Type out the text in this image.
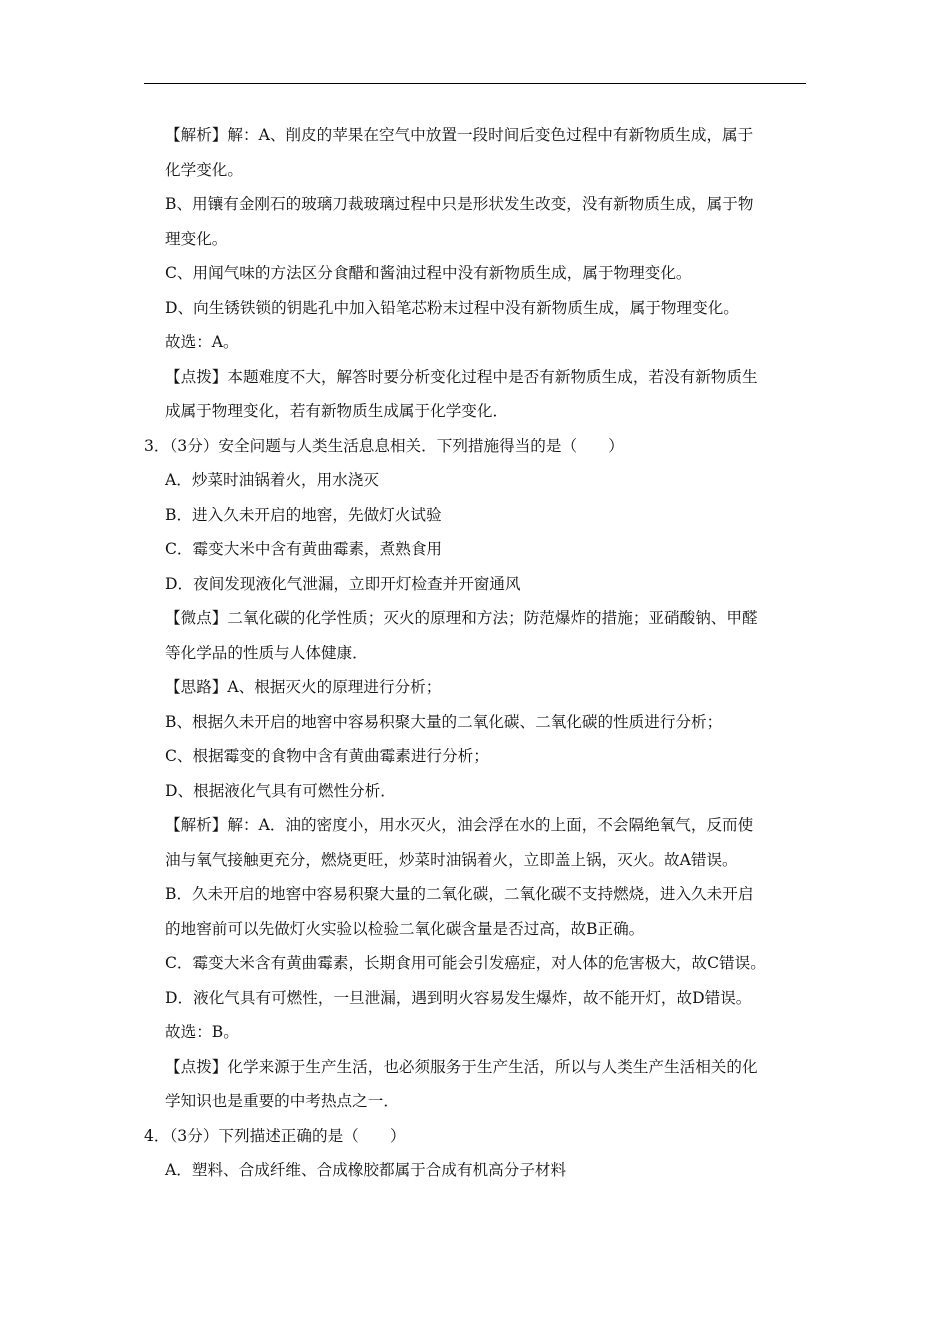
【解析】解：A、削皮的苹果在空气中放置一段时间后变色过程中有新物质生成，属于
化学变化。
B、用镶有金刚石的玻璃刀裁玻璃过程中只是形状发生改变，没有新物质生成，属于物
理变化。
C、用闻气味的方法区分食醋和酱油过程中没有新物质生成，属于物理变化。
D、向生锈铁锁的钥匙孔中加入铅笔芯粉末过程中没有新物质生成，属于物理变化。
故选：A。
【点拨】本题难度不大，解答时要分析变化过程中是否有新物质生成，若没有新物质生
成属于物理变化，若有新物质生成属于化学变化．
3．（3分）安全问题与人类生活息息相关．下列措施得当的是（　　）
A．炒菜时油锅着火，用水浇灭
B．进入久未开启的地窖，先做灯火试验
C．霉变大米中含有黄曲霉素，煮熟食用
D．夜间发现液化气泄漏，立即开灯检查并开窗通风
【微点】二氧化碳的化学性质；灭火的原理和方法；防范爆炸的措施；亚硝酸钠、甲醛
等化学品的性质与人体健康．
【思路】A、根据灭火的原理进行分析；
B、根据久未开启的地窖中容易积聚大量的二氧化碳、二氧化碳的性质进行分析；
C、根据霉变的食物中含有黄曲霉素进行分析；
D、根据液化气具有可燃性分析．
【解析】解：A．油的密度小，用水灭火，油会浮在水的上面，不会隔绝氧气，反而使
油与氧气接触更充分，燃烧更旺，炒菜时油锅着火，立即盖上锅，灭火。故A错误。
B．久未开启的地窖中容易积聚大量的二氧化碳，二氧化碳不支持燃烧，进入久未开启
的地窖前可以先做灯火实验以检验二氧化碳含量是否过高，故B正确。
C．霉变大米含有黄曲霉素，长期食用可能会引发癌症，对人体的危害极大，故C错误。
D．液化气具有可燃性，一旦泄漏，遇到明火容易发生爆炸，故不能开灯，故D错误。
故选：B。
【点拨】化学来源于生产生活，也必须服务于生产生活，所以与人类生产生活相关的化
学知识也是重要的中考热点之一．
4．（3分）下列描述正确的是（　　）
A．塑料、合成纤维、合成橡胶都属于合成有机高分子材料
